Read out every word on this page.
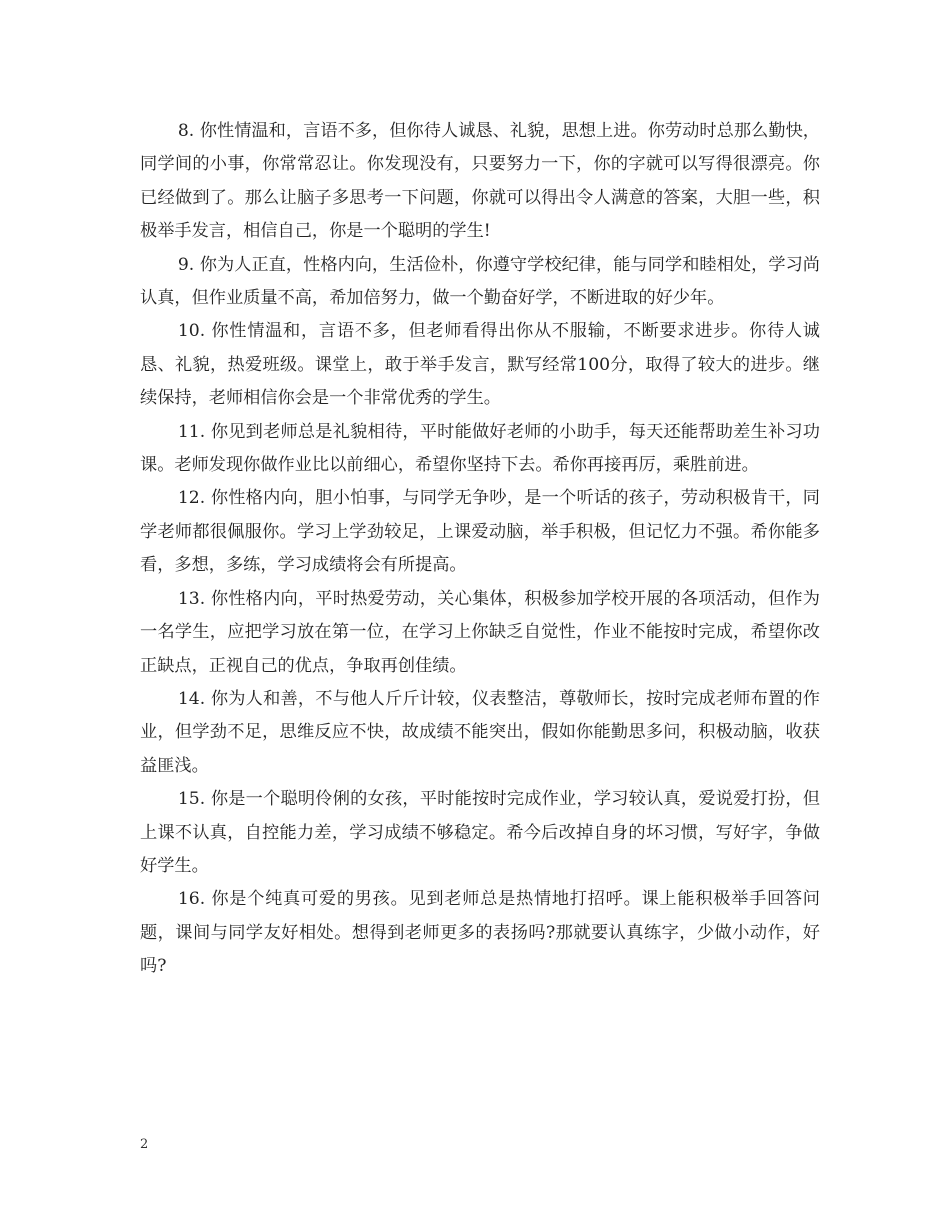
8. 你性情温和，言语不多，但你待人诚恳、礼貌，思想上进。你劳动时总那么勤快，同学间的小事，你常常忍让。你发现没有，只要努力一下，你的字就可以写得很漂亮。你已经做到了。那么让脑子多思考一下问题，你就可以得出令人满意的答案，大胆一些，积极举手发言，相信自己，你是一个聪明的学生!

9. 你为人正直，性格内向，生活俭朴，你遵守学校纪律，能与同学和睦相处，学习尚认真，但作业质量不高，希加倍努力，做一个勤奋好学，不断进取的好少年。

10. 你性情温和，言语不多，但老师看得出你从不服输，不断要求进步。你待人诚恳、礼貌，热爱班级。课堂上，敢于举手发言，默写经常100分，取得了较大的进步。继续保持，老师相信你会是一个非常优秀的学生。

11. 你见到老师总是礼貌相待，平时能做好老师的小助手，每天还能帮助差生补习功课。老师发现你做作业比以前细心，希望你坚持下去。希你再接再厉，乘胜前进。

12. 你性格内向，胆小怕事，与同学无争吵，是一个听话的孩子，劳动积极肯干，同学老师都很佩服你。学习上学劲较足，上课爱动脑，举手积极，但记忆力不强。希你能多看，多想，多练，学习成绩将会有所提高。

13. 你性格内向，平时热爱劳动，关心集体，积极参加学校开展的各项活动，但作为一名学生，应把学习放在第一位，在学习上你缺乏自觉性，作业不能按时完成，希望你改正缺点，正视自己的优点，争取再创佳绩。

14. 你为人和善，不与他人斤斤计较，仪表整洁，尊敬师长，按时完成老师布置的作业，但学劲不足，思维反应不快，故成绩不能突出，假如你能勤思多问，积极动脑，收获益匪浅。

15. 你是一个聪明伶俐的女孩，平时能按时完成作业，学习较认真，爱说爱打扮，但上课不认真，自控能力差，学习成绩不够稳定。希今后改掉自身的坏习惯，写好字，争做好学生。

16. 你是个纯真可爱的男孩。见到老师总是热情地打招呼。课上能积极举手回答问题，课间与同学友好相处。想得到老师更多的表扬吗?那就要认真练字，少做小动作，好吗?

2
